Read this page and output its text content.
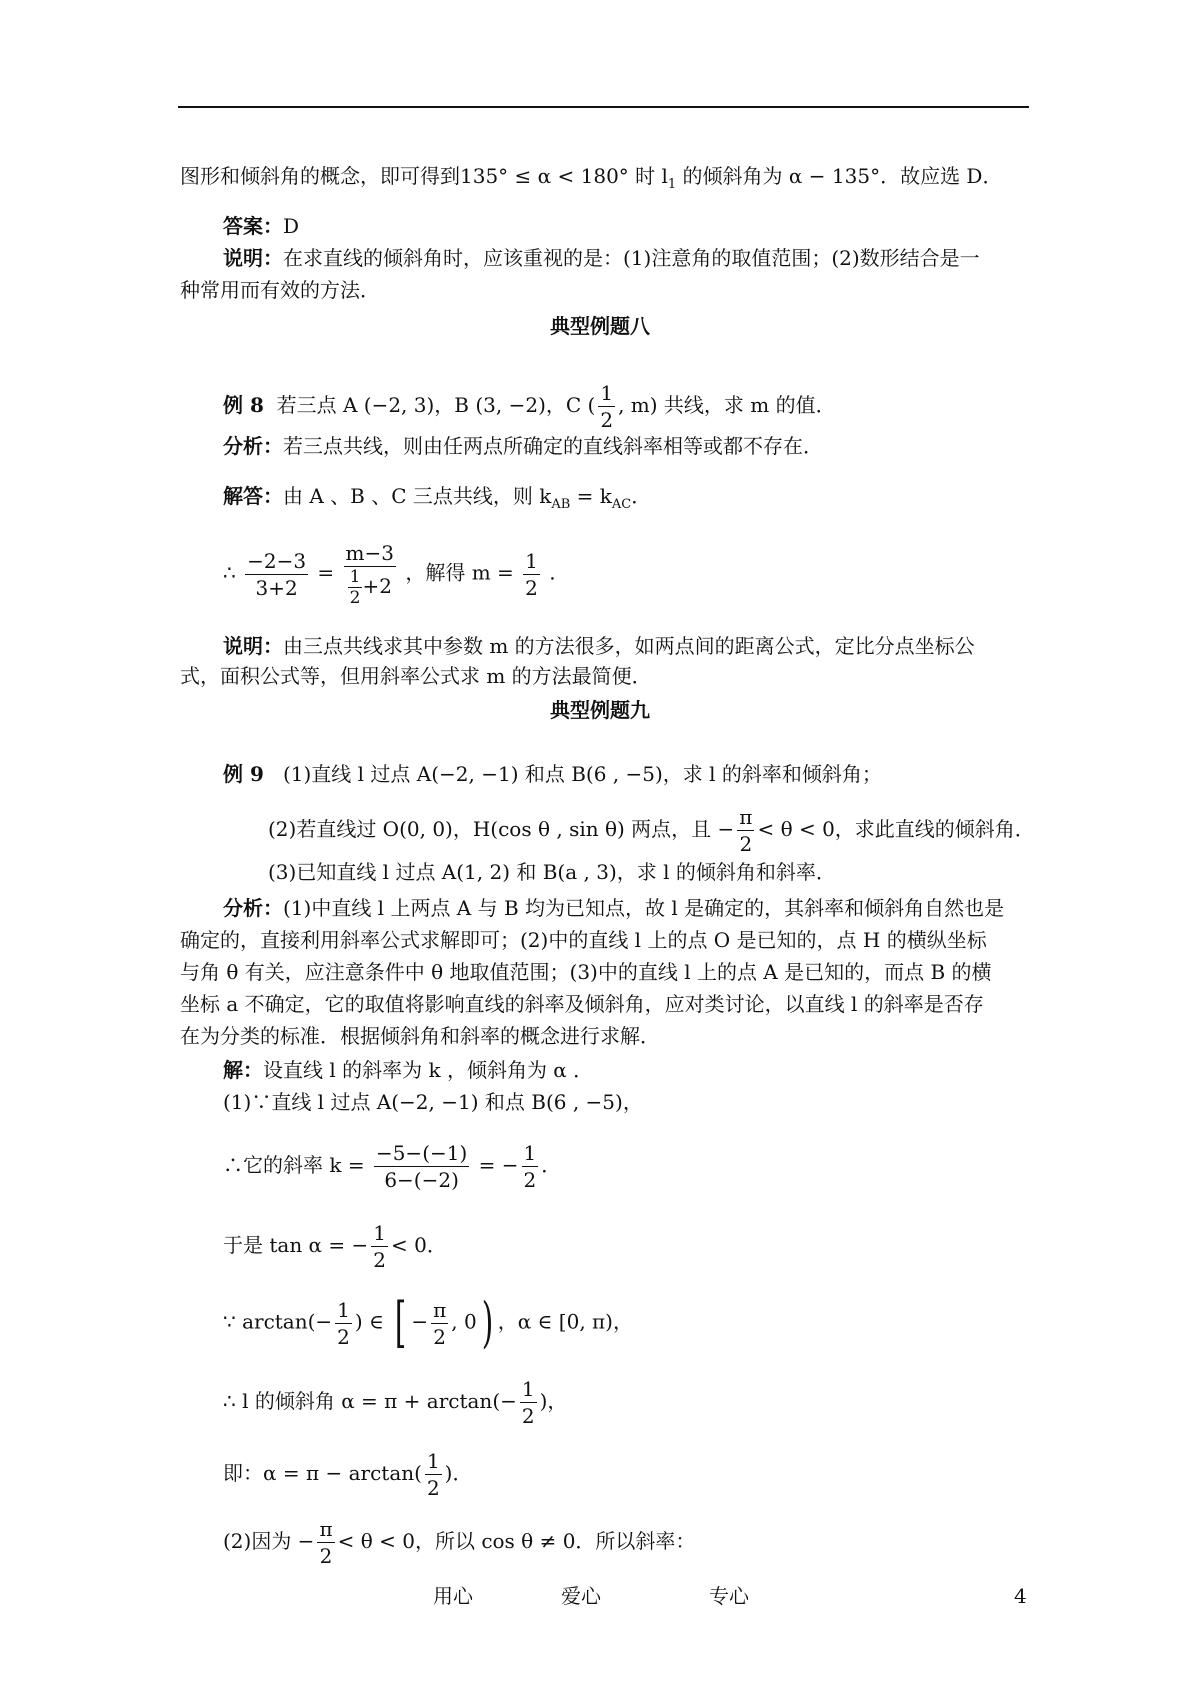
图形和倾斜角的概念，即可得到135° ≤ α < 180° 时 $l_1$ 的倾斜角为 α − 135°．故应选 D．
答案：D
说明：在求直线的倾斜角时，应该重视的是：(1)注意角的取值范围；(2)数形结合是一
种常用而有效的方法．
典型例题八
例 8 若三点 A (−2, 3)，B (3, −2)，C ( $\frac{1}{2}$ , m) 共线，求 m 的值．
分析：若三点共线，则由任两点所确定的直线斜率相等或都不存在．
解答：由 A 、B 、C 三点共线，则 $k_{AB} = k_{AC}$．
∴ $\frac{-2-3}{3+2} = \frac{m-3}{\frac{1}{2} +2}$ ，解得 $m = \frac{1}{2}$ .
说明：由三点共线求其中参数 m 的方法很多，如两点间的距离公式，定比分点坐标公
式，面积公式等，但用斜率公式求 m 的方法最简便．
典型例题九
例 9 (1)直线 l 过点 A(−2, −1) 和点 B(6 , −5)，求 l 的斜率和倾斜角；
(2)若直线过 O(0, 0)，H(cos θ , sin θ) 两点，且 − $\frac{\pi}{2} < \theta < 0$，求此直线的倾斜角．
(3)已知直线 l 过点 A(1, 2) 和 B(a , 3)，求 l 的倾斜角和斜率．
分析：(1)中直线 l 上两点 A 与 B 均为已知点，故 l 是确定的，其斜率和倾斜角自然也是
确定的，直接利用斜率公式求解即可；(2)中的直线 l 上的点 O 是已知的，点 H 的横纵坐标
与角 θ 有关，应注意条件中 θ 地取值范围；(3)中的直线 l 上的点 A 是已知的，而点 B 的横
坐标 a 不确定，它的取值将影响直线的斜率及倾斜角，应对类讨论，以直线 l 的斜率是否存
在为分类的标准．根据倾斜角和斜率的概念进行求解．
解：设直线 l 的斜率为 k ，倾斜角为 α ．
(1)∵直线 l 过点 A(−2, −1) 和点 B(6 , −5)，
∴它的斜率 $k = \frac{-5-(-1)}{6-(-2)}$ = − $\frac{1}{2}$ ．
于是 tan α = − $\frac{1}{2} < 0$．
∵ $\arctan(- \frac{1}{2}$ ) ∈ [ − $\frac{\pi}{2}$ , 0) ，α ∈ [0, π)，
∴ l 的倾斜角 $\alpha = \pi + \arctan(- \frac{1}{2}$ )，
即：$\alpha = \pi - \arctan( \frac{1}{2}$ )．
(2)因为 − $\frac{\pi}{2} < \theta < 0$，所以 cos θ ≠ 0．所以斜率：
用心	爱心	专心	4
